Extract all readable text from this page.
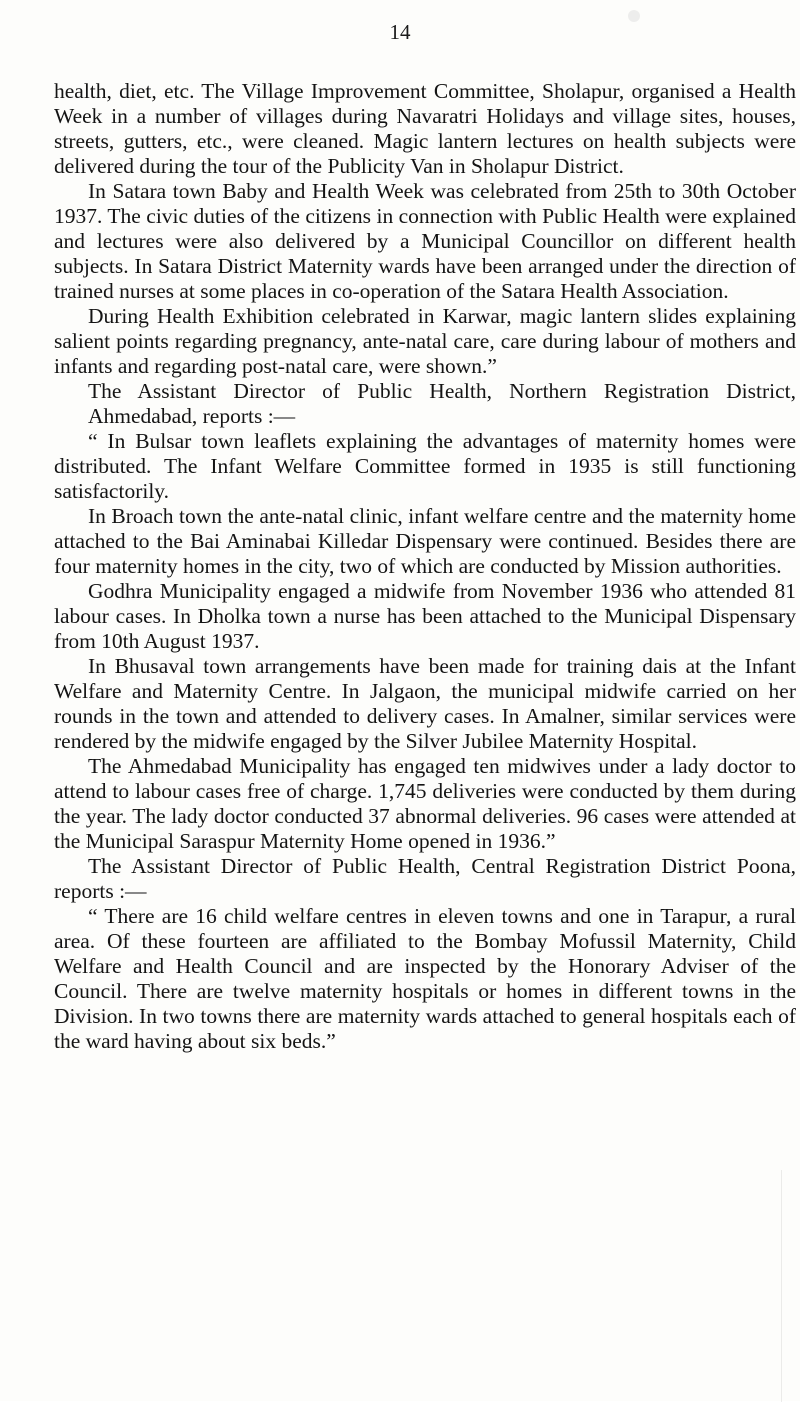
14

health, diet, etc. The Village Improvement Committee, Sholapur, organised a Health Week in a number of villages during Navaratri Holidays and village sites, houses, streets, gutters, etc., were cleaned. Magic lantern lectures on health subjects were delivered during the tour of the Publicity Van in Sholapur District.

In Satara town Baby and Health Week was celebrated from 25th to 30th October 1937. The civic duties of the citizens in connection with Public Health were explained and lectures were also delivered by a Municipal Councillor on different health subjects. In Satara District Maternity wards have been arranged under the direction of trained nurses at some places in co-operation of the Satara Health Association.

During Health Exhibition celebrated in Karwar, magic lantern slides explaining salient points regarding pregnancy, ante-natal care, care during labour of mothers and infants and regarding post-natal care, were shown.”

The Assistant Director of Public Health, Northern Registration District, Ahmedabad, reports :—

“ In Bulsar town leaflets explaining the advantages of maternity homes were distributed. The Infant Welfare Committee formed in 1935 is still functioning satisfactorily.

In Broach town the ante-natal clinic, infant welfare centre and the maternity home attached to the Bai Aminabai Killedar Dispensary were continued. Besides there are four maternity homes in the city, two of which are conducted by Mission authorities.

Godhra Municipality engaged a midwife from November 1936 who attended 81 labour cases. In Dholka town a nurse has been attached to the Municipal Dispensary from 10th August 1937.

In Bhusaval town arrangements have been made for training dais at the Infant Welfare and Maternity Centre. In Jalgaon, the municipal midwife carried on her rounds in the town and attended to delivery cases. In Amalner, similar services were rendered by the midwife engaged by the Silver Jubilee Maternity Hospital.

The Ahmedabad Municipality has engaged ten midwives under a lady doctor to attend to labour cases free of charge. 1,745 deliveries were conducted by them during the year. The lady doctor conducted 37 abnormal deliveries. 96 cases were attended at the Municipal Saraspur Maternity Home opened in 1936.”

The Assistant Director of Public Health, Central Registration District Poona, reports :—

“ There are 16 child welfare centres in eleven towns and one in Tarapur, a rural area. Of these fourteen are affiliated to the Bombay Mofussil Maternity, Child Welfare and Health Council and are inspected by the Honorary Adviser of the Council. There are twelve maternity hospitals or homes in different towns in the Division. In two towns there are maternity wards attached to general hospitals each of the ward having about six beds.”
